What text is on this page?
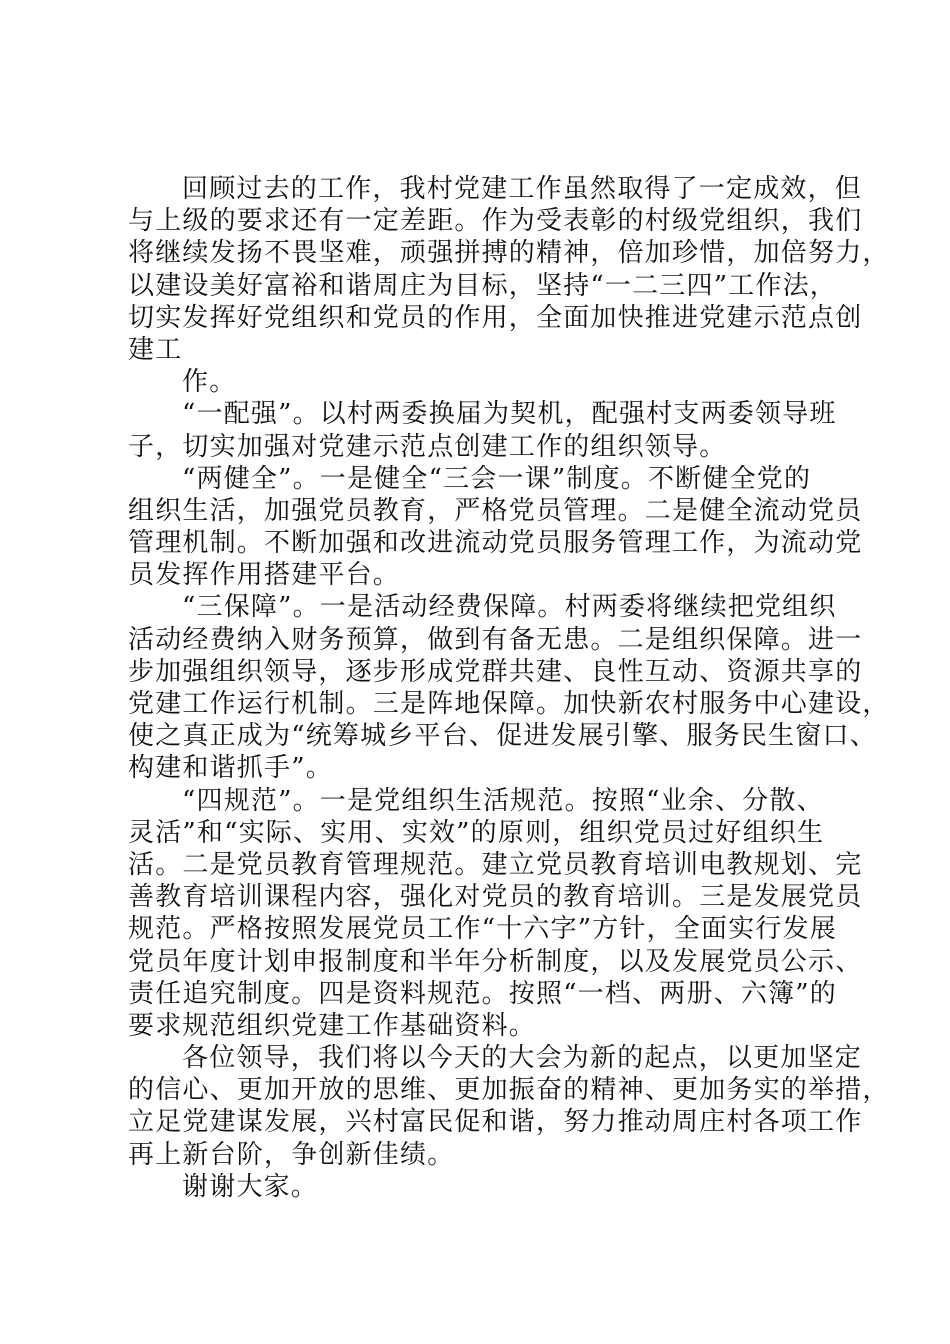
回顾过去的工作，我村党建工作虽然取得了一定成效，但
与上级的要求还有一定差距。作为受表彰的村级党组织，我们
将继续发扬不畏坚难，顽强拼搏的精神，倍加珍惜，加倍努力，
以建设美好富裕和谐周庄为目标，坚持“一二三四”工作法，
切实发挥好党组织和党员的作用，全面加快推进党建示范点创
建工
作。
“一配强”。以村两委换届为契机，配强村支两委领导班
子，切实加强对党建示范点创建工作的组织领导。
“两健全”。一是健全“三会一课”制度。不断健全党的
组织生活，加强党员教育，严格党员管理。二是健全流动党员
管理机制。不断加强和改进流动党员服务管理工作，为流动党
员发挥作用搭建平台。
“三保障”。一是活动经费保障。村两委将继续把党组织
活动经费纳入财务预算，做到有备无患。二是组织保障。进一
步加强组织领导，逐步形成党群共建、良性互动、资源共享的
党建工作运行机制。三是阵地保障。加快新农村服务中心建设，
使之真正成为“统筹城乡平台、促进发展引擎、服务民生窗口、
构建和谐抓手”。
“四规范”。一是党组织生活规范。按照“业余、分散、
灵活”和“实际、实用、实效”的原则，组织党员过好组织生
活。二是党员教育管理规范。建立党员教育培训电教规划、完
善教育培训课程内容，强化对党员的教育培训。三是发展党员
规范。严格按照发展党员工作“十六字”方针，全面实行发展
党员年度计划申报制度和半年分析制度，以及发展党员公示、
责任追究制度。四是资料规范。按照“一档、两册、六簿”的
要求规范组织党建工作基础资料。
各位领导，我们将以今天的大会为新的起点，以更加坚定
的信心、更加开放的思维、更加振奋的精神、更加务实的举措，
立足党建谋发展，兴村富民促和谐，努力推动周庄村各项工作
再上新台阶，争创新佳绩。
谢谢大家。
